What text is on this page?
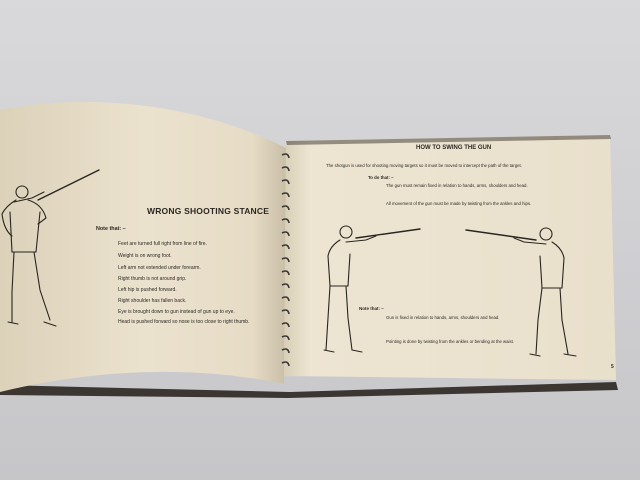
WRONG SHOOTING STANCE
Note that: –
Feet are turned full right from line of fire.
Weight is on wrong foot.
Left arm not extended under forearm.
Right thumb is not around grip.
Left hip is pushed forward.
Right shoulder has fallen back.
Eye is brought down to gun instead of gun up to eye.
Head is pushed forward so nose is too close to right thumb.
HOW TO SWING THE GUN
The shotgun is used for shooting moving targets so it must be moved to intercept the path of the target.
To do that: –
The gun must remain fixed in relation to hands, arms, shoulders and head.
All movement of the gun must be made by twisting from the ankles and hips.
Note that: –
Gun is fixed in relation to hands, arms, shoulders and head.
Pointing is done by twisting from the ankles or bending at the waist.
5
